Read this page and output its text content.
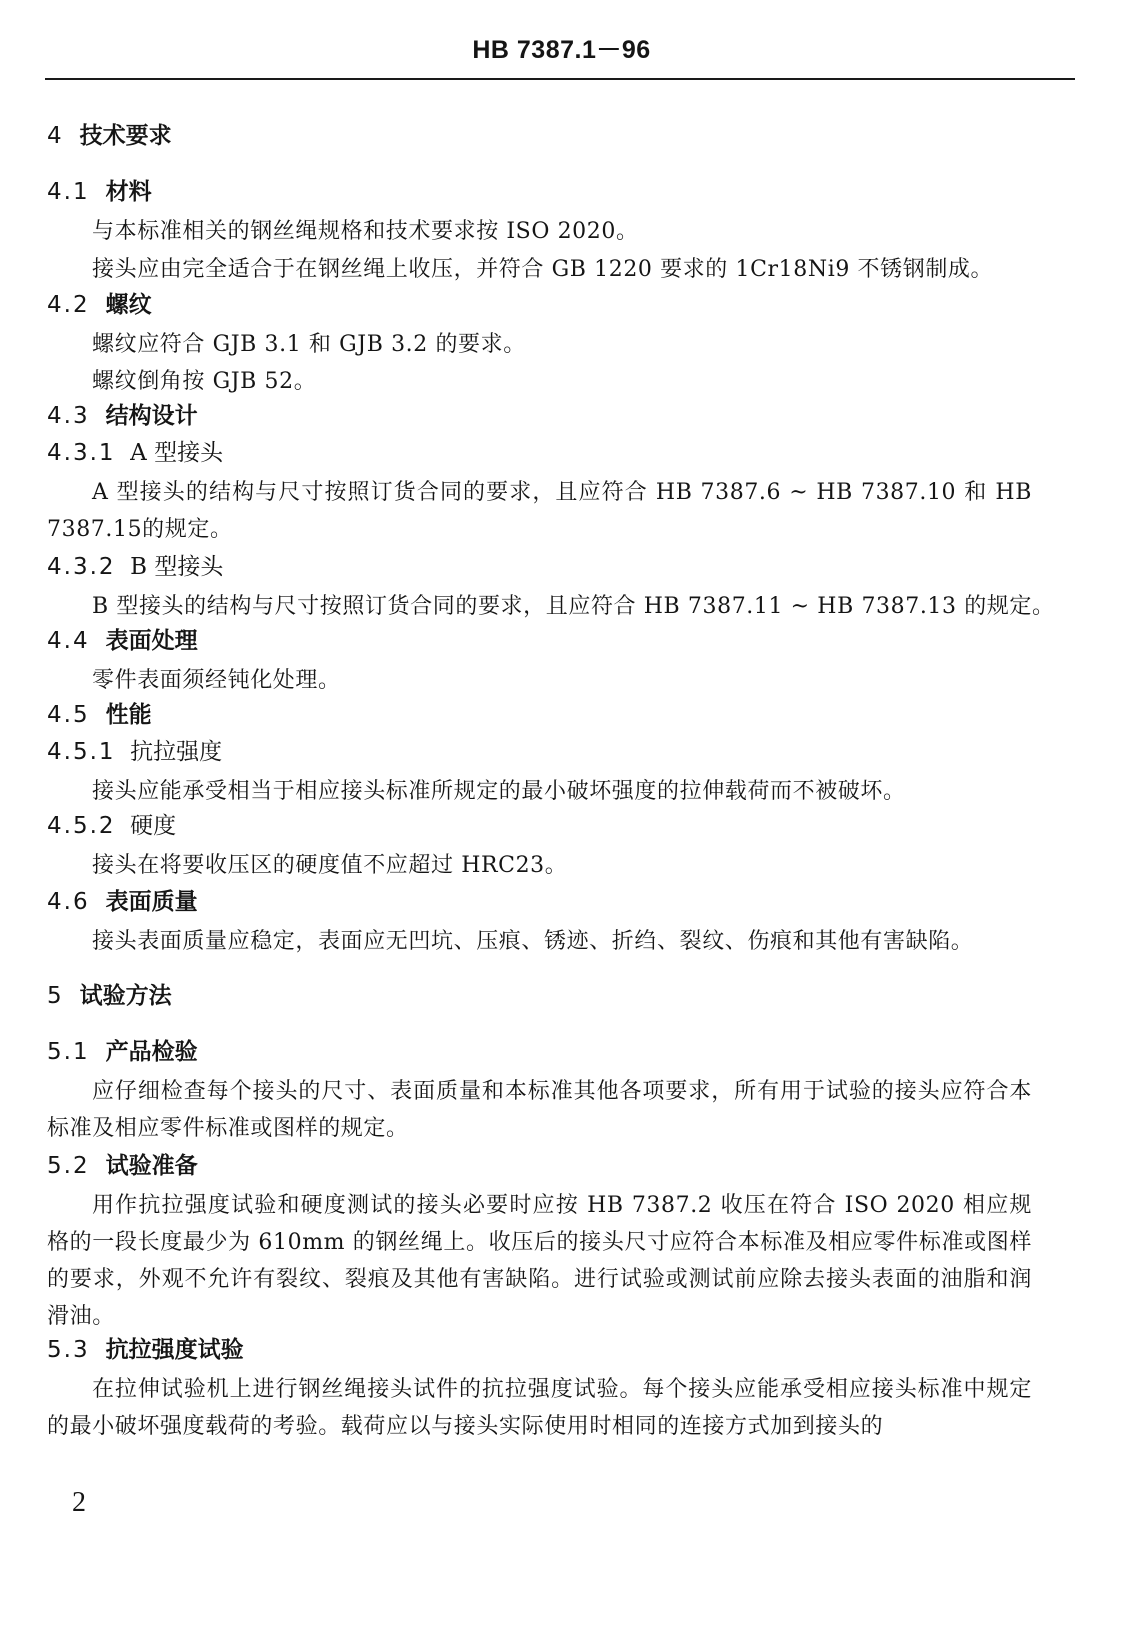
HB 7387.1－96
4 技术要求
4.1 材料

与本标准相关的钢丝绳规格和技术要求按 ISO 2020。

接头应由完全适合于在钢丝绳上收压，并符合 GB 1220 要求的 1Cr18Ni9 不锈钢制成。

4.2 螺纹

螺纹应符合 GJB 3.1 和 GJB 3.2 的要求。

螺纹倒角按 GJB 52。

4.3 结构设计
4.3.1 A 型接头

A 型接头的结构与尺寸按照订货合同的要求，且应符合 HB 7387.6 ~ HB 7387.10 和 HB 7387.15的规定。

4.3.2 B 型接头

B 型接头的结构与尺寸按照订货合同的要求，且应符合 HB 7387.11 ~ HB 7387.13 的规定。

4.4 表面处理

零件表面须经钝化处理。

4.5 性能
4.5.1 抗拉强度

接头应能承受相当于相应接头标准所规定的最小破坏强度的拉伸载荷而不被破坏。

4.5.2 硬度

接头在将要收压区的硬度值不应超过 HRC23。

4.6 表面质量

接头表面质量应稳定，表面应无凹坑、压痕、锈迹、折绉、裂纹、伤痕和其他有害缺陷。

5 试验方法
5.1 产品检验

应仔细检查每个接头的尺寸、表面质量和本标准其他各项要求，所有用于试验的接头应符合本标准及相应零件标准或图样的规定。

5.2 试验准备

用作抗拉强度试验和硬度测试的接头必要时应按 HB 7387.2 收压在符合 ISO 2020 相应规格的一段长度最少为 610mm 的钢丝绳上。收压后的接头尺寸应符合本标准及相应零件标准或图样的要求，外观不允许有裂纹、裂痕及其他有害缺陷。进行试验或测试前应除去接头表面的油脂和润滑油。

5.3 抗拉强度试验

在拉伸试验机上进行钢丝绳接头试件的抗拉强度试验。每个接头应能承受相应接头标准中规定的最小破坏强度载荷的考验。载荷应以与接头实际使用时相同的连接方式加到接头的

2
